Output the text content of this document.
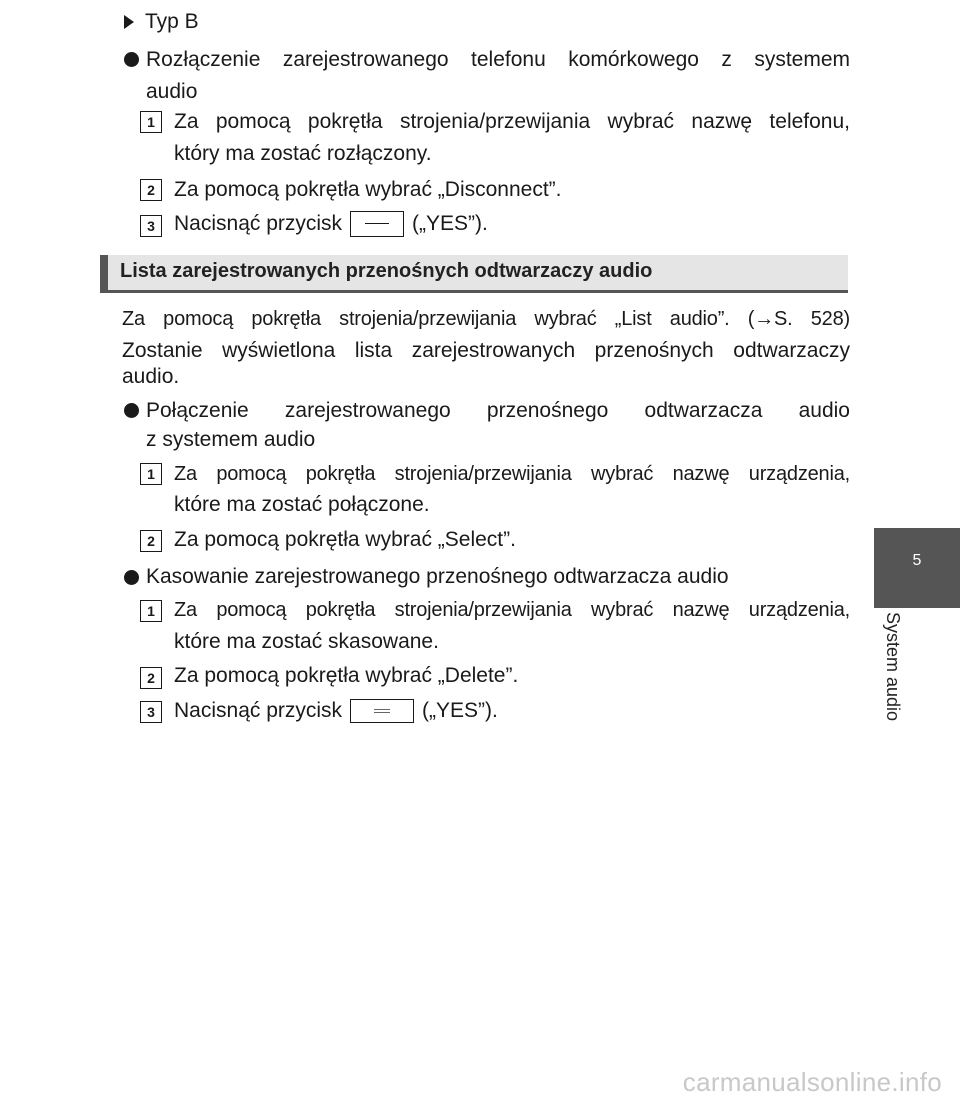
Typ B
Rozłączenie zarejestrowanego telefonu komórkowego z systemem
audio
1 Za pomocą pokrętła strojenia/przewijania wybrać nazwę telefonu,
który ma zostać rozłączony.
2 Za pomocą pokrętła wybrać „Disconnect”.
3 Nacisnąć przycisk	(„YES”).
Lista zarejestrowanych przenośnych odtwarzaczy audio
Za pomocą pokrętła strojenia/przewijania wybrać „List audio”. (→S. 528)
Zostanie wyświetlona lista zarejestrowanych przenośnych odtwarzaczy
audio.
Połączenie zarejestrowanego przenośnego odtwarzacza audio
z systemem audio
1 Za pomocą pokrętła strojenia/przewijania wybrać nazwę urządzenia,
które ma zostać połączone.
2 Za pomocą pokrętła wybrać „Select”.
Kasowanie zarejestrowanego przenośnego odtwarzacza audio
1 Za pomocą pokrętła strojenia/przewijania wybrać nazwę urządzenia,
które ma zostać skasowane.
2 Za pomocą pokrętła wybrać „Delete”.
3 Nacisnąć przycisk	(„YES”).
5
System audio
carmanualsonline.info
